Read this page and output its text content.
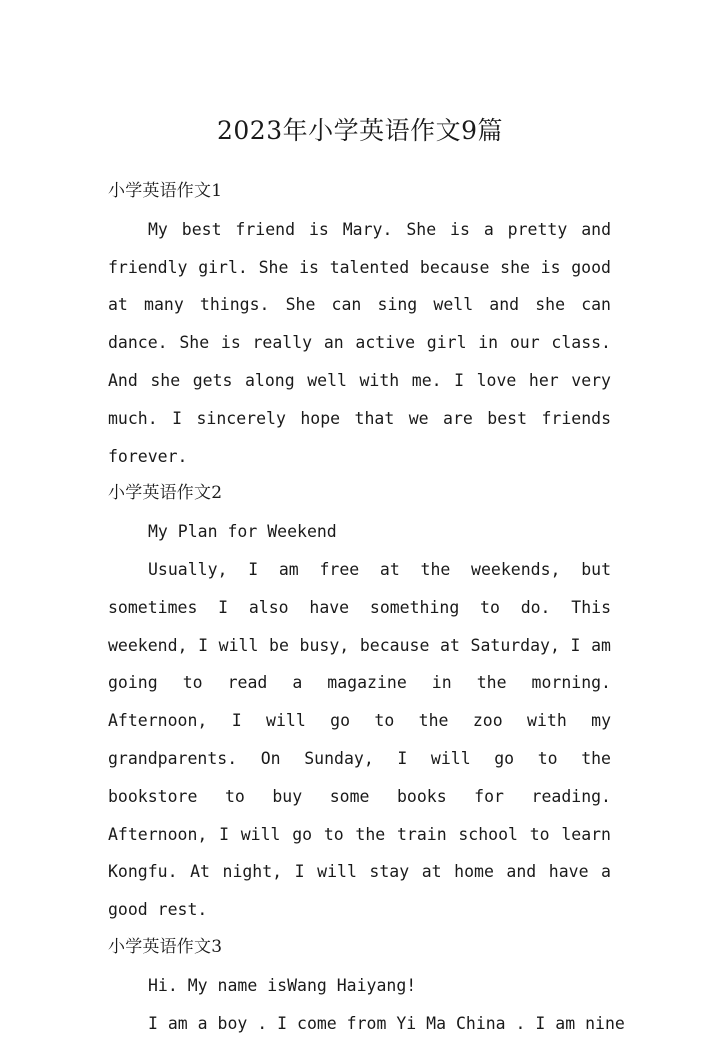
2023年小学英语作文9篇
小学英语作文1

My best friend is Mary. She is a pretty and friendly girl. She is talented because she is good at many things. She can sing well and she can dance. She is really an active girl in our class. And she gets along well with me. I love her very much. I sincerely hope that we are best friends forever.

小学英语作文2

My Plan for Weekend

Usually, I am free at the weekends, but sometimes I also have something to do. This weekend, I will be busy, because at Saturday, I am going to read a magazine in the morning. Afternoon, I will go to the zoo with my grandparents. On Sunday, I will go to the bookstore to buy some books for reading. Afternoon, I will go to the train school to learn Kongfu. At night, I will stay at home and have a good rest.

小学英语作文3

Hi. My name isWang Haiyang!

I am a boy . I come from Yi Ma China . I am nine
